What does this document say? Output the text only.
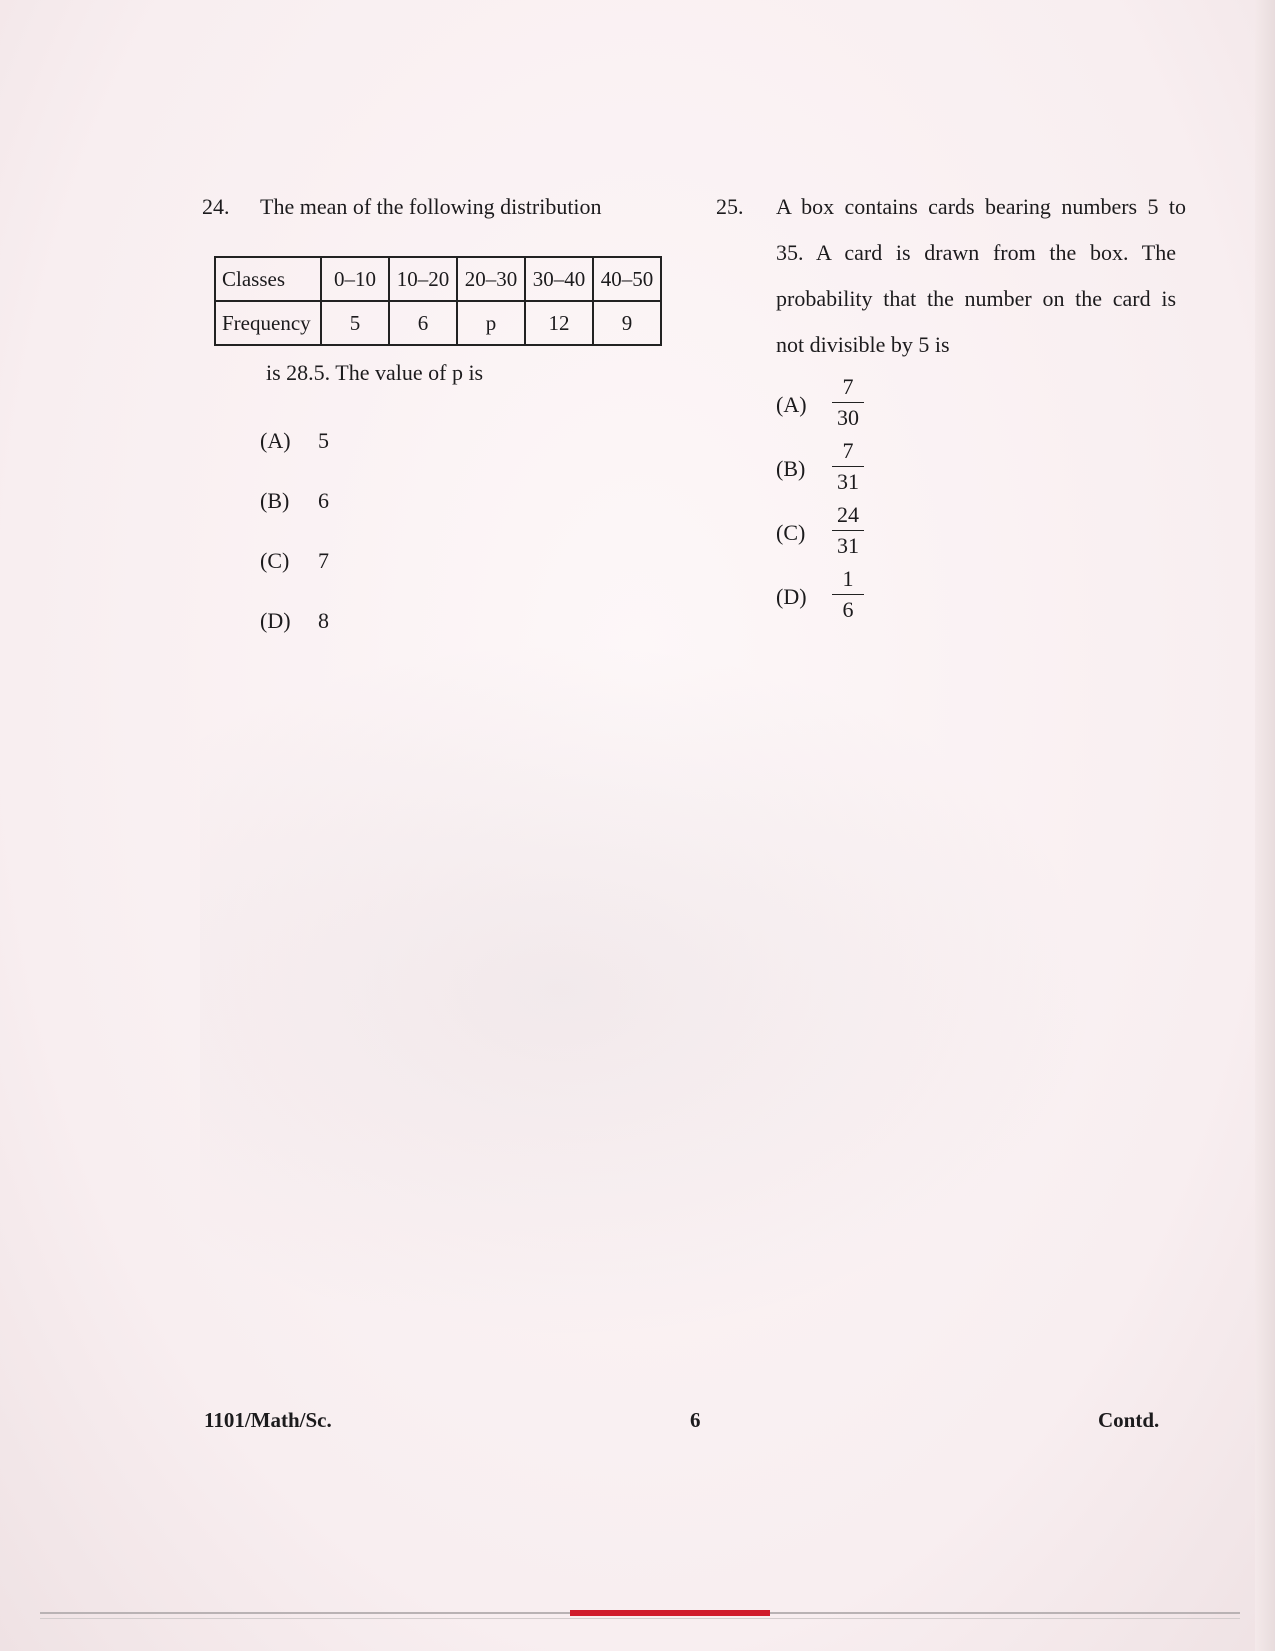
24. The mean of the following distribution
Classes	0–10	10–20	20–30	30–40	40–50
Frequency	5	6	p	12	9
is 28.5. The value of p is
(A) 5
(B) 6
(C) 7
(D) 8
25. A box contains cards bearing numbers 5 to
35. A card is drawn from the box. The
probability that the number on the card is
not divisible by 5 is
(A)
7
30
(B)
7
31
(C)
24
31
(D)
1
6
1101/Math/Sc.	6	Contd.
